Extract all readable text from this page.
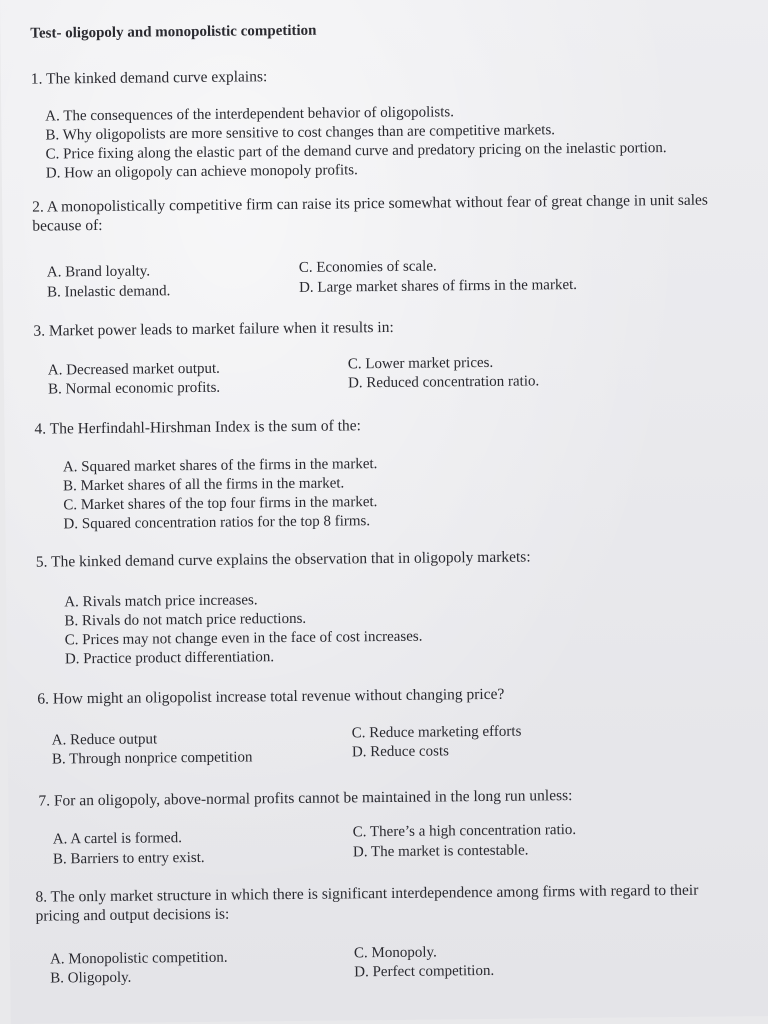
Test- oligopoly and monopolistic competition
1. The kinked demand curve explains:
A. The consequences of the interdependent behavior of oligopolists.
B. Why oligopolists are more sensitive to cost changes than are competitive markets.
C. Price fixing along the elastic part of the demand curve and predatory pricing on the inelastic portion.
D. How an oligopoly can achieve monopoly profits.
2. A monopolistically competitive firm can raise its price somewhat without fear of great change in unit sales because of:
A. Brand loyalty.
B. Inelastic demand.
C. Economies of scale.
D. Large market shares of firms in the market.
3. Market power leads to market failure when it results in:
A. Decreased market output.
B. Normal economic profits.
C. Lower market prices.
D. Reduced concentration ratio.
4. The Herfindahl-Hirshman Index is the sum of the:
A. Squared market shares of the firms in the market.
B. Market shares of all the firms in the market.
C. Market shares of the top four firms in the market.
D. Squared concentration ratios for the top 8 firms.
5. The kinked demand curve explains the observation that in oligopoly markets:
A. Rivals match price increases.
B. Rivals do not match price reductions.
C. Prices may not change even in the face of cost increases.
D. Practice product differentiation.
6. How might an oligopolist increase total revenue without changing price?
A. Reduce output
B. Through nonprice competition
C. Reduce marketing efforts
D. Reduce costs
7. For an oligopoly, above-normal profits cannot be maintained in the long run unless:
A. A cartel is formed.
B. Barriers to entry exist.
C. There’s a high concentration ratio.
D. The market is contestable.
8. The only market structure in which there is significant interdependence among firms with regard to their pricing and output decisions is:
A. Monopolistic competition.
B. Oligopoly.
C. Monopoly.
D. Perfect competition.
